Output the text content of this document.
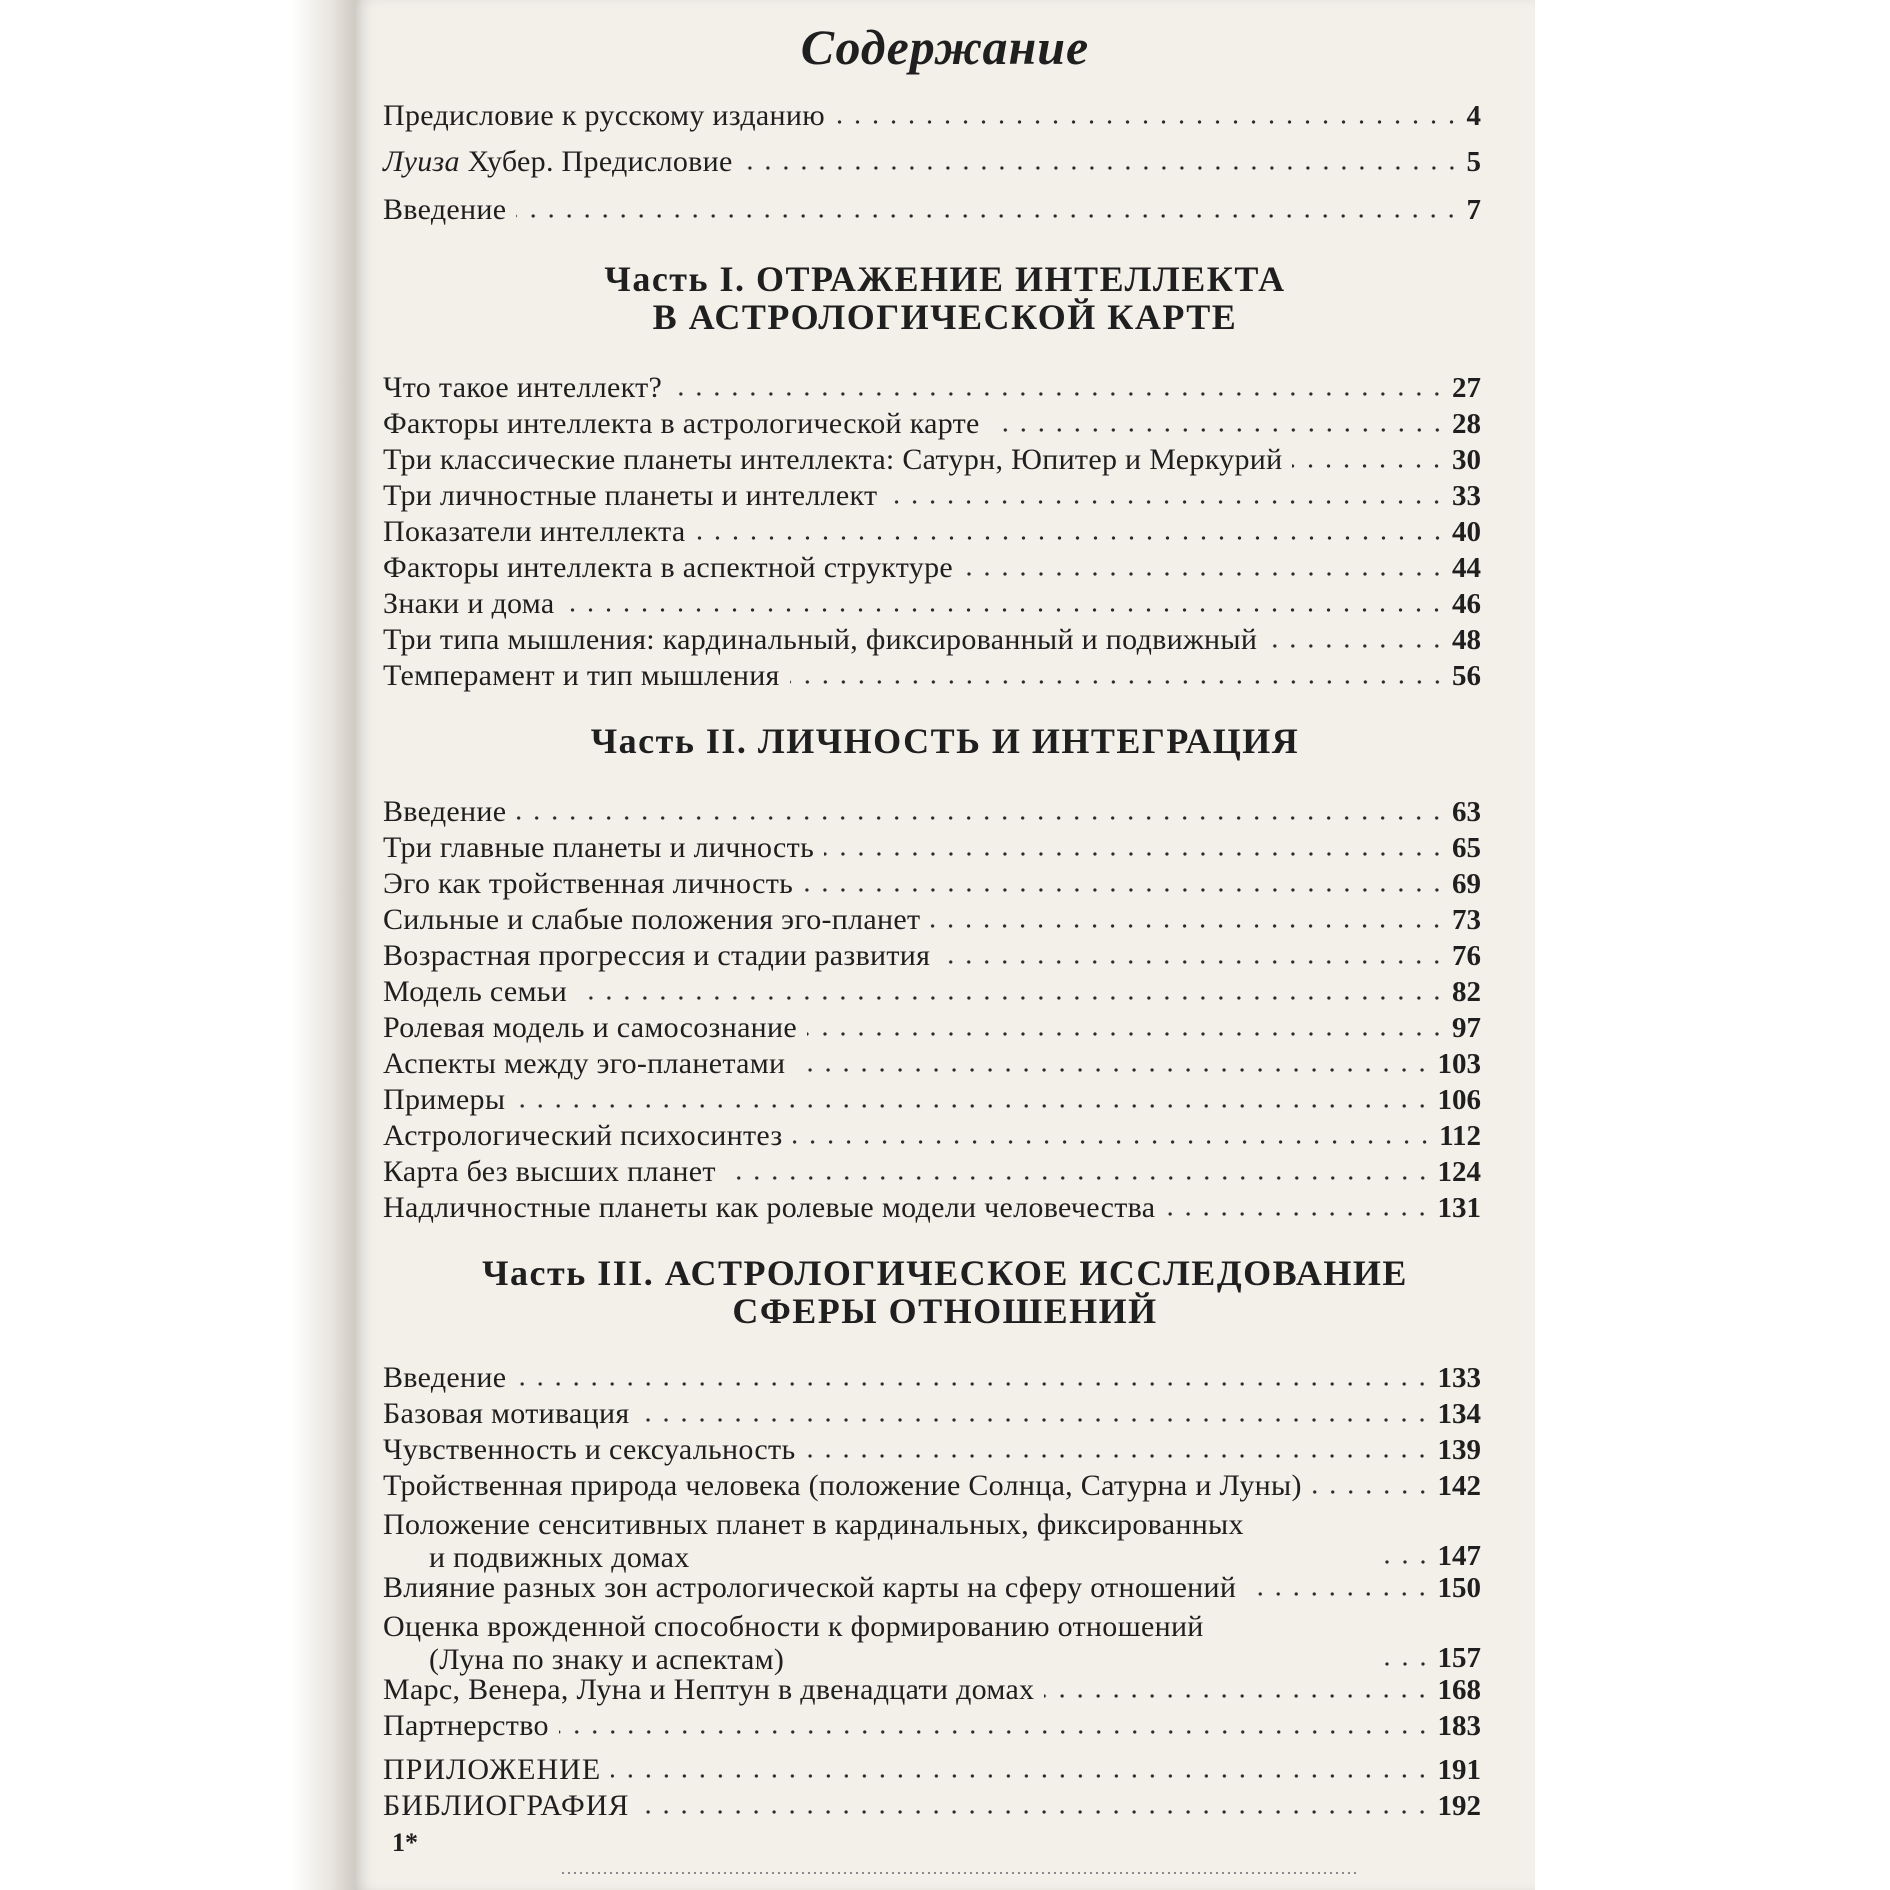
Содержание
Предисловие к русскому изданию	4
Луиза Хубер. Предисловие	5
Введение	7
Часть I. ОТРАЖЕНИЕ ИНТЕЛЛЕКТА
В АСТРОЛОГИЧЕСКОЙ КАРТЕ
Что такое интеллект?	27
Факторы интеллекта в астрологической карте	28
Три классические планеты интеллекта: Сатурн, Юпитер и Меркурий	30
Три личностные планеты и интеллект	33
Показатели интеллекта	40
Факторы интеллекта в аспектной структуре	44
Знаки и дома	46
Три типа мышления: кардинальный, фиксированный и подвижный	48
Темперамент и тип мышления	56
Часть II. ЛИЧНОСТЬ И ИНТЕГРАЦИЯ
Введение	63
Три главные планеты и личность	65
Эго как тройственная личность	69
Сильные и слабые положения эго-планет	73
Возрастная прогрессия и стадии развития	76
Модель семьи	82
Ролевая модель и самосознание	97
Аспекты между эго-планетами	103
Примеры	106
Астрологический психосинтез	112
Карта без высших планет	124
Надличностные планеты как ролевые модели человечества	131
Часть III. АСТРОЛОГИЧЕСКОЕ ИССЛЕДОВАНИЕ
СФЕРЫ ОТНОШЕНИЙ
Введение	133
Базовая мотивация	134
Чувственность и сексуальность	139
Тройственная природа человека (положение Солнца, Сатурна и Луны)	142
Положение сенситивных планет в кардинальных, фиксированных
и подвижных домах	147
Влияние разных зон астрологической карты на сферу отношений	150
Оценка врожденной способности к формированию отношений
(Луна по знаку и аспектам)	157
Марс, Венера, Луна и Нептун в двенадцати домах	168
Партнерство	183
ПРИЛОЖЕНИЕ	191
БИБЛИОГРАФИЯ	192
1*
